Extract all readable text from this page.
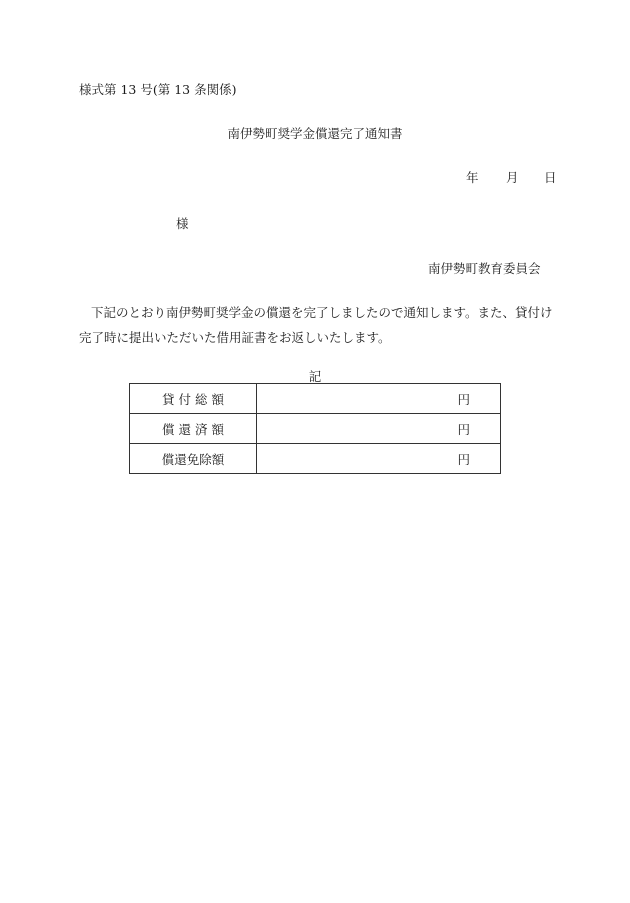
様式第 13 号(第 13 条関係)
南伊勢町奨学金償還完了通知書
年 月 日
様
南伊勢町教育委員会
下記のとおり南伊勢町奨学金の償還を完了しましたので通知します。また、貸付け完了時に提出いただいた借用証書をお返しいたします。
記
貸 付 総 額	円
償 還 済 額	円
償還免除額	円
